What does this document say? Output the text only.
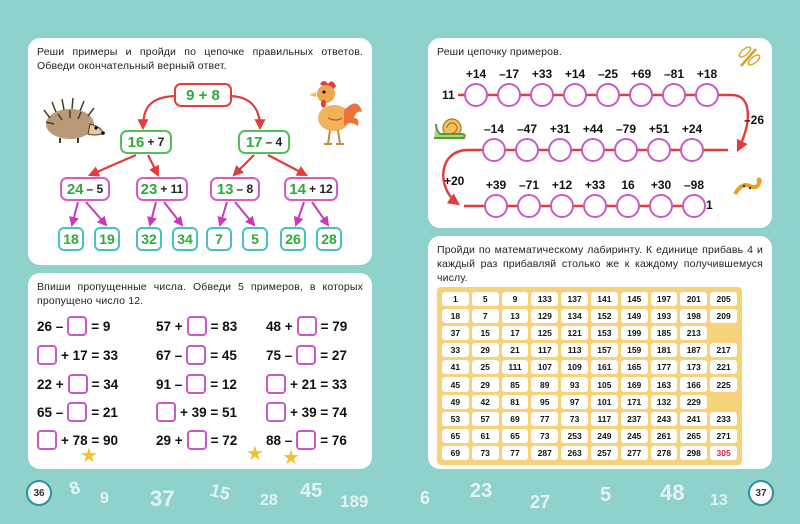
8 9 37 15 28 45 189	6 23 27 5 48 13
Реши примеры и пройди по цепочке правильных ответов. Обведи окончательный верный ответ.
9 + 8
16 + 7	17 – 4
24 – 5 23 + 11 13 – 8 14 + 12
18	19	32	34	7	5	26	28
Впиши пропущенные числа. Обведи 5 примеров, в которых пропущено число 12.
26 – = 9
+ 17 = 33
22 + = 34
65 – = 21
+ 78 = 90
57 + = 83
67 – = 45
91 – = 12
+ 39 = 51
29 + = 72
48 + = 79
75 – = 27
+ 21 = 33
+ 39 = 74
88 – = 76
★	★ ★
Реши цепочку примеров.
11
–26
+20
1
+14	–17	+33	+14	–25	+69	–81	+18
–14	–47	+31	+44	–79	+51	+24
+39	–71	+12	+33	16	+30	–98
Пройди по математическому лабиринту. К единице прибавь 4 и каждый раз прибавляй столько же к каждому получившемуся числу.
1	5	9	133	137	141	145	197	201	205
18	7	13	129	134	152	149	193	198	209
37	15	17	125	121	153	199	185	213
33	29	21	117	113	157	159	181	187	217
41	25	111	107	109	161	165	177	173	221
45	29	85	89	93	105	169	163	166	225
49	42	81	95	97	101	171	132	229
53	57	69	77	73	117	237	243	241	233
65	61	65	73	253	249	245	261	265	271
69	73	77	287	263	257	277	278	298	305
36	37
